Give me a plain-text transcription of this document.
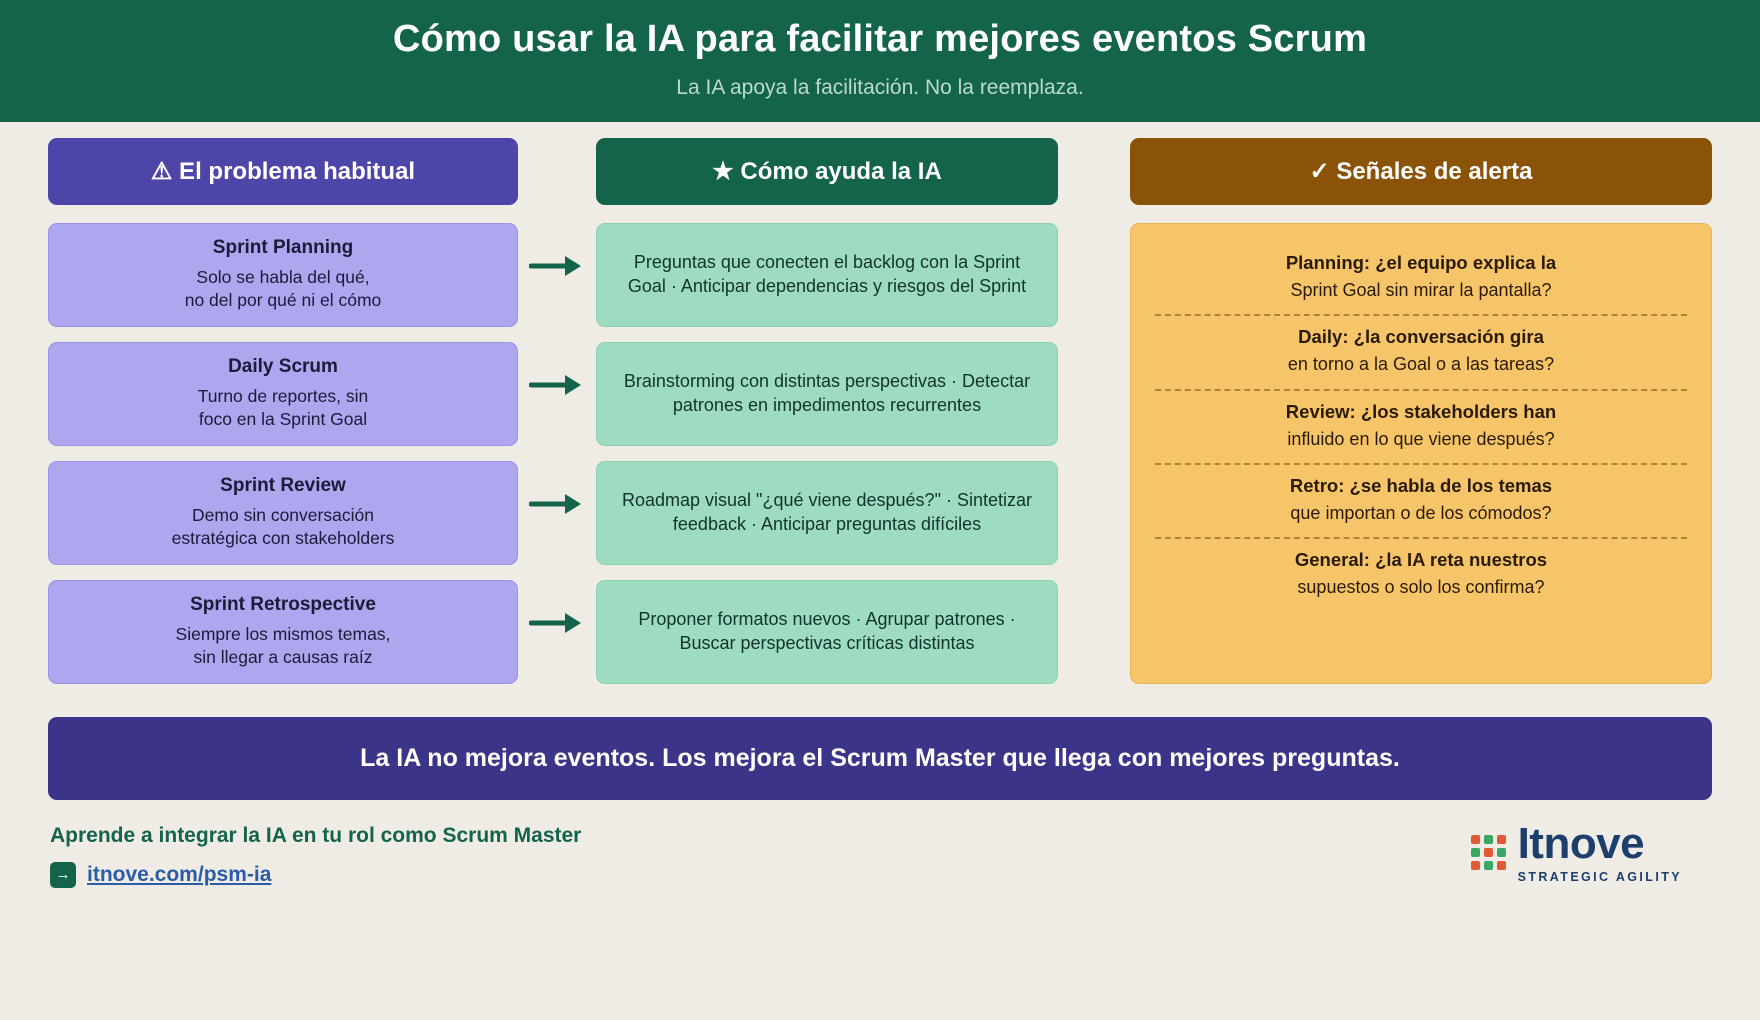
Cómo usar la IA para facilitar mejores eventos Scrum
La IA apoya la facilitación. No la reemplaza.
⚠ El problema habitual
Sprint Planning
Solo se habla del qué,
no del por qué ni el cómo
Daily Scrum
Turno de reportes, sin
foco en la Sprint Goal
Sprint Review
Demo sin conversación
estratégica con stakeholders
Sprint Retrospective
Siempre los mismos temas,
sin llegar a causas raíz
★ Cómo ayuda la IA
Preguntas que conecten el backlog con la Sprint Goal · Anticipar dependencias y riesgos del Sprint
Brainstorming con distintas perspectivas · Detectar patrones en impedimentos recurrentes
Roadmap visual "¿qué viene después?" · Sintetizar feedback · Anticipar preguntas difíciles
Proponer formatos nuevos · Agrupar patrones · Buscar perspectivas críticas distintas
✓ Señales de alerta
Planning: ¿el equipo explica la
Sprint Goal sin mirar la pantalla?
Daily: ¿la conversación gira
en torno a la Goal o a las tareas?
Review: ¿los stakeholders han
influido en lo que viene después?
Retro: ¿se habla de los temas
que importan o de los cómodos?
General: ¿la IA reta nuestros
supuestos o solo los confirma?
La IA no mejora eventos. Los mejora el Scrum Master que llega con mejores preguntas.
Aprende a integrar la IA en tu rol como Scrum Master
→ itnove.com/psm-ia
Itnove
STRATEGIC AGILITY
